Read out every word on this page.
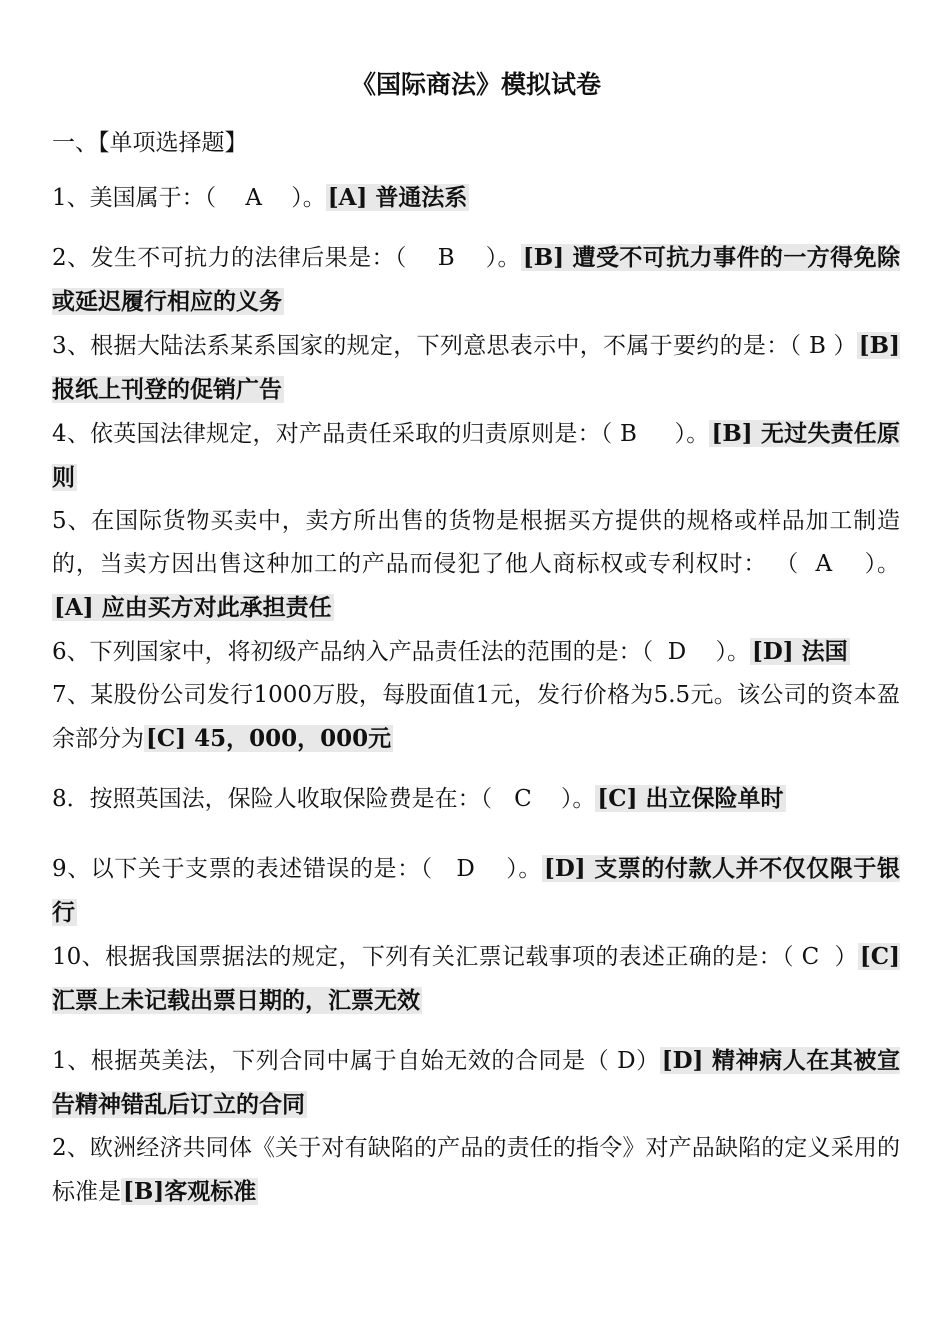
《国际商法》模拟试卷
一、【单项选择题】

1、美国属于：（    A    ）。[A] 普通法系

2、发生不可抗力的法律后果是：（    B    ）。[B] 遭受不可抗力事件的一方得免除或延迟履行相应的义务

3、根据大陆法系某系国家的规定，下列意思表示中，不属于要约的是：（ B ）[B] 报纸上刊登的促销广告

4、依英国法律规定，对产品责任采取的归责原则是：（ B     ）。[B] 无过失责任原则

5、在国际货物买卖中，卖方所出售的货物是根据买方提供的规格或样品加工制造的，当卖方因出售这种加工的产品而侵犯了他人商标权或专利权时： （  A    ）。[A] 应由买方对此承担责任

6、下列国家中，将初级产品纳入产品责任法的范围的是：（  D    ）。[D] 法国

7、某股份公司发行1000万股，每股面值1元，发行价格为5.5元。该公司的资本盈余部分为[C] 45，000，000元

8．按照英国法，保险人收取保险费是在：（   C    ）。[C] 出立保险单时

9、以下关于支票的表述错误的是：（   D    ）。[D] 支票的付款人并不仅仅限于银行

10、根据我国票据法的规定，下列有关汇票记载事项的表述正确的是：（ C  ）[C] 汇票上未记载出票日期的，汇票无效

1、根据英美法，下列合同中属于自始无效的合同是（ D）[D] 精神病人在其被宣告精神错乱后订立的合同

2、欧洲经济共同体《关于对有缺陷的产品的责任的指令》对产品缺陷的定义采用的标准是[B]客观标准
